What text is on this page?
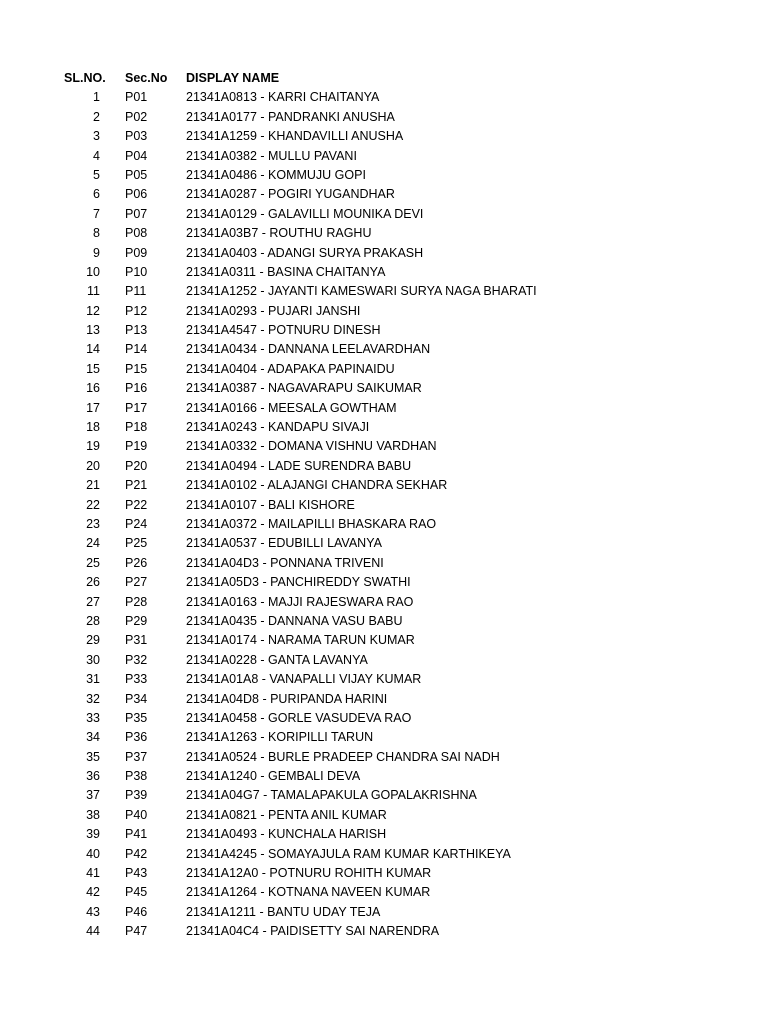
SL.NO. Sec.No DISPLAY NAME
1 P01	21341A0813 - KARRI CHAITANYA
2 P02	21341A0177 - PANDRANKI ANUSHA
3 P03	21341A1259 - KHANDAVILLI ANUSHA
4 P04	21341A0382 - MULLU PAVANI
5 P05	21341A0486 - KOMMUJU GOPI
6 P06	21341A0287 - POGIRI YUGANDHAR
7 P07	21341A0129 - GALAVILLI MOUNIKA DEVI
8 P08	21341A03B7 - ROUTHU RAGHU
9 P09	21341A0403 - ADANGI SURYA PRAKASH
10 P10	21341A0311 - BASINA CHAITANYA
11 P11	21341A1252 - JAYANTI KAMESWARI SURYA NAGA BHARATI
12 P12	21341A0293 - PUJARI JANSHI
13 P13	21341A4547 - POTNURU DINESH
14 P14	21341A0434 - DANNANA LEELAVARDHAN
15 P15	21341A0404 - ADAPAKA PAPINAIDU
16 P16	21341A0387 - NAGAVARAPU SAIKUMAR
17 P17	21341A0166 - MEESALA GOWTHAM
18 P18	21341A0243 - KANDAPU SIVAJI
19 P19	21341A0332 - DOMANA VISHNU VARDHAN
20 P20	21341A0494 - LADE SURENDRA BABU
21 P21	21341A0102 - ALAJANGI CHANDRA SEKHAR
22 P22	21341A0107 - BALI KISHORE
23 P24	21341A0372 - MAILAPILLI BHASKARA RAO
24 P25	21341A0537 - EDUBILLI LAVANYA
25 P26	21341A04D3 - PONNANA TRIVENI
26 P27	21341A05D3 - PANCHIREDDY SWATHI
27 P28	21341A0163 - MAJJI RAJESWARA RAO
28 P29	21341A0435 - DANNANA VASU BABU
29 P31	21341A0174 - NARAMA TARUN KUMAR
30 P32	21341A0228 - GANTA LAVANYA
31 P33	21341A01A8 - VANAPALLI VIJAY KUMAR
32 P34	21341A04D8 - PURIPANDA HARINI
33 P35	21341A0458 - GORLE VASUDEVA RAO
34 P36	21341A1263 - KORIPILLI TARUN
35 P37	21341A0524 - BURLE PRADEEP CHANDRA SAI NADH
36 P38	21341A1240 - GEMBALI DEVA
37 P39	21341A04G7 - TAMALAPAKULA GOPALAKRISHNA
38 P40	21341A0821 - PENTA ANIL KUMAR
39 P41	21341A0493 - KUNCHALA HARISH
40 P42	21341A4245 - SOMAYAJULA RAM KUMAR KARTHIKEYA
41 P43	21341A12A0 - POTNURU ROHITH KUMAR
42 P45	21341A1264 - KOTNANA NAVEEN KUMAR
43 P46	21341A1211 - BANTU UDAY TEJA
44 P47	21341A04C4 - PAIDISETTY SAI NARENDRA
